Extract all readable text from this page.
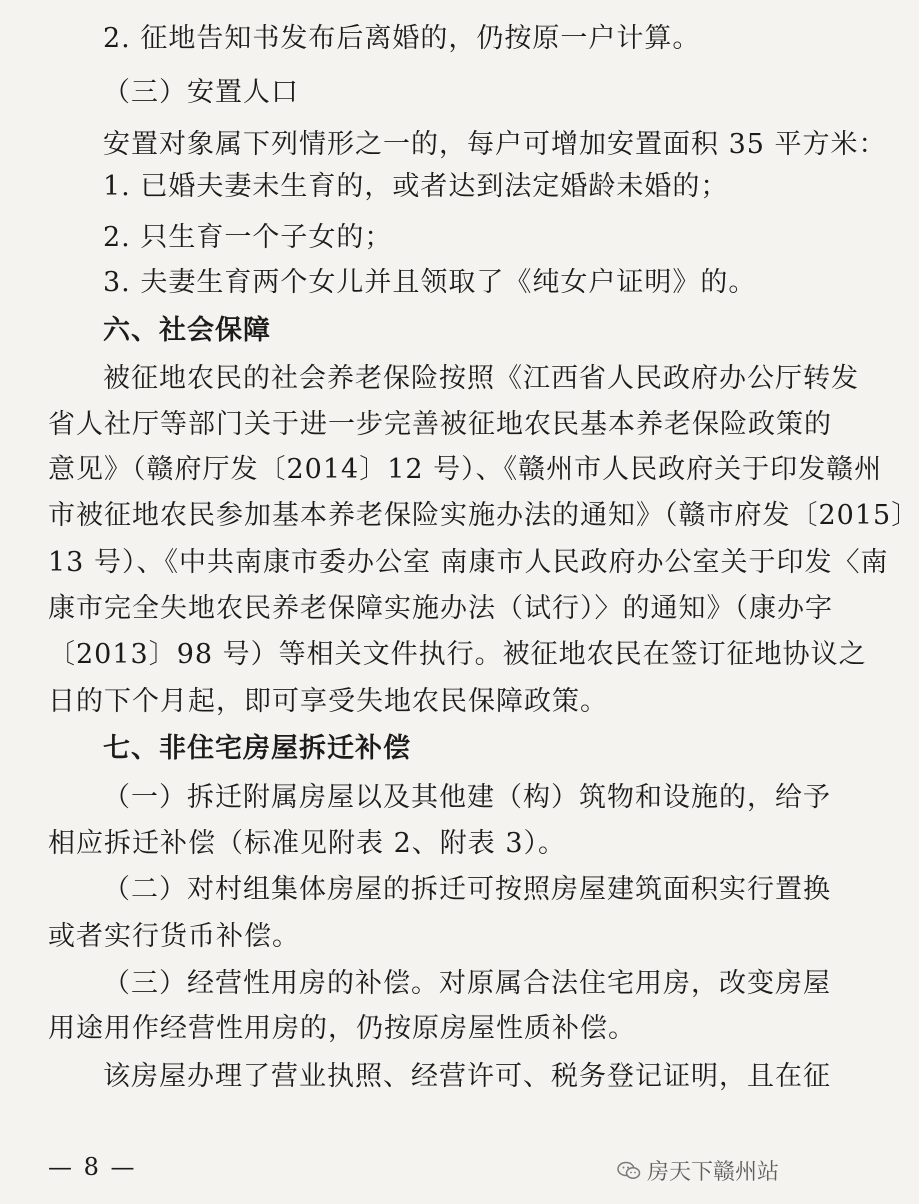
2. 征地告知书发布后离婚的，仍按原一户计算。
（三）安置人口
安置对象属下列情形之一的，每户可增加安置面积 35 平方米：
1. 已婚夫妻未生育的，或者达到法定婚龄未婚的；
2. 只生育一个子女的；
3. 夫妻生育两个女儿并且领取了《纯女户证明》的。
六、社会保障
被征地农民的社会养老保险按照《江西省人民政府办公厅转发
省人社厅等部门关于进一步完善被征地农民基本养老保险政策的
意见》（赣府厅发〔2014〕12 号）、《赣州市人民政府关于印发赣州
市被征地农民参加基本养老保险实施办法的通知》（赣市府发〔2015〕
13 号）、《中共南康市委办公室 南康市人民政府办公室关于印发〈南
康市完全失地农民养老保障实施办法（试行）〉的通知》（康办字
〔2013〕98 号）等相关文件执行。被征地农民在签订征地协议之
日的下个月起，即可享受失地农民保障政策。
七、非住宅房屋拆迁补偿
（一）拆迁附属房屋以及其他建（构）筑物和设施的，给予
相应拆迁补偿（标准见附表 2、附表 3）。
（二）对村组集体房屋的拆迁可按照房屋建筑面积实行置换
或者实行货币补偿。
（三）经营性用房的补偿。对原属合法住宅用房，改变房屋
用途用作经营性用房的，仍按原房屋性质补偿。
该房屋办理了营业执照、经营许可、税务登记证明，且在征
— 8 —	房天下赣州站
